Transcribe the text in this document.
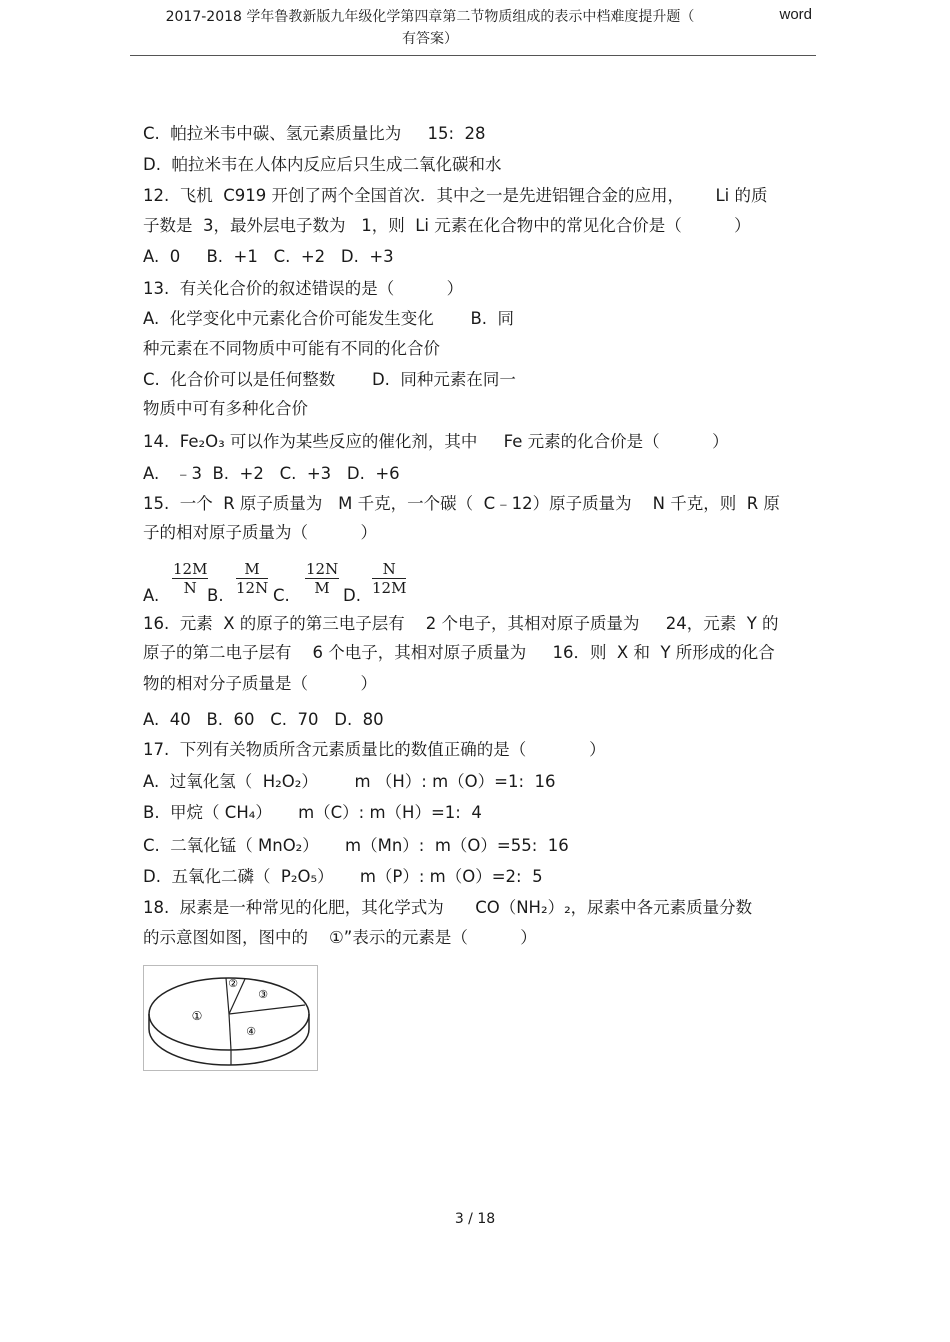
2017-2018 学年鲁教新版九年级化学第四章第二节物质组成的表示中档难度提升题（
有答案）
word
C.  帕拉米韦中碳、氢元素质量比为     15:  28
D.  帕拉米韦在人体内反应后只生成二氧化碳和水
12.  飞机  C919 开创了两个全国首次．其中之一是先进铝锂合金的应用，      Li 的质
子数是  3，最外层电子数为   1，则  Li 元素在化合物中的常见化合价是（          ）
A.  0     B.  +1   C.  +2   D.  +3
13.  有关化合价的叙述错误的是（          ）
A.  化学变化中元素化合价可能发生变化       B.  同
种元素在不同物质中可能有不同的化合价
C.  化合价可以是任何整数       D.  同种元素在同一
物质中可有多种化合价
14.  Fe₂O₃ 可以作为某些反应的催化剂，其中     Fe 元素的化合价是（          ）
A.   ﹣3  B.  +2   C.  +3   D.  +6
15.  一个  R 原子质量为   M 千克，一个碳（  C﹣12）原子质量为    N 千克，则  R 原
子的相对原子质量为（          ）
A. $\frac{12M}{N}$
B. $\frac{M}{12N} C$. $\frac{12N}{M} D$. $\frac{N}{12M}$
16.  元素  X 的原子的第三电子层有    2 个电子，其相对原子质量为     24，元素  Y 的
原子的第二电子层有    6 个电子，其相对原子质量为     16．则  X 和  Y 所形成的化合
物的相对分子质量是（          ）
A.  40   B.  60   C.  70   D.  80
17.  下列有关物质所含元素质量比的数值正确的是（            ）
A.  过氧化氢（  H₂O₂）       m （H）: m（O）=1:  16
B.  甲烷（ CH₄）     m（C）: m（H）=1:  4
C.  二氧化锰（ MnO₂）     m（Mn）:  m（O）=55:  16
D.  五氧化二磷（  P₂O₅）     m（P）: m（O）=2:  5
18.  尿素是一种常见的化肥，其化学式为      CO（NH₂）₂，尿素中各元素质量分数
的示意图如图，图中的    ①”表示的元素是（          ）
①
②
③
④
3 / 18
